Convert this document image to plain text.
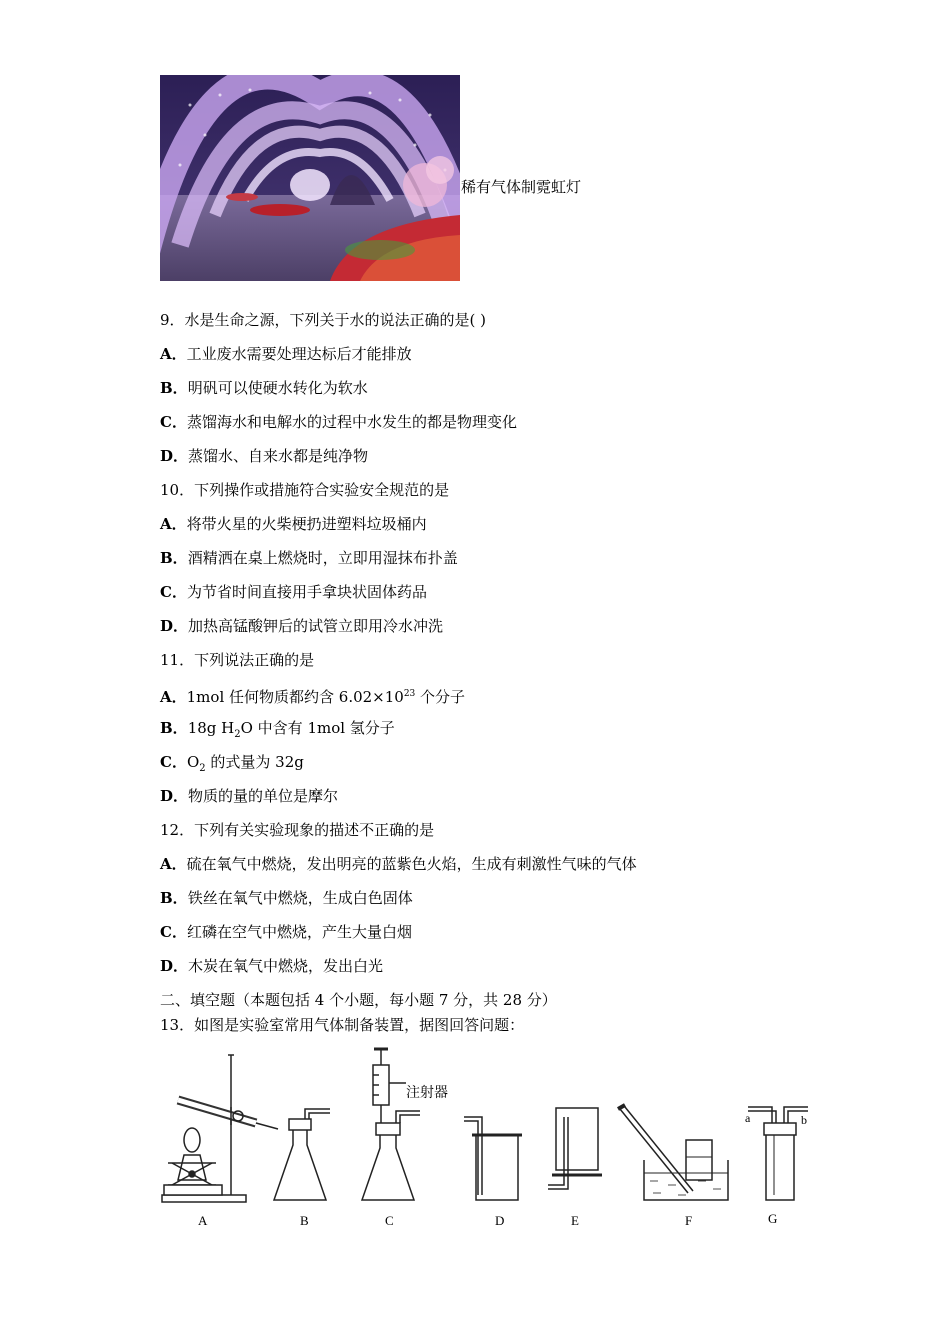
稀有气体制霓虹灯
9．水是生命之源，下列关于水的说法正确的是( )
A．工业废水需要处理达标后才能排放
B．明矾可以使硬水转化为软水
C．蒸馏海水和电解水的过程中水发生的都是物理变化
D．蒸馏水、自来水都是纯净物
10．下列操作或措施符合实验安全规范的是
A．将带火星的火柴梗扔进塑料垃圾桶内
B．酒精洒在桌上燃烧时，立即用湿抹布扑盖
C．为节省时间直接用手拿块状固体药品
D．加热高锰酸钾后的试管立即用冷水冲洗
11．下列说法正确的是
A．1mol 任何物质都约含 $6.02\times 10^{23}$ 个分子
B．18g $H_2O$ 中含有 1mol 氢分子
C．$O_2$ 的式量为 32g
D．物质的量的单位是摩尔
12．下列有关实验现象的描述不正确的是
A．硫在氧气中燃烧，发出明亮的蓝紫色火焰，生成有刺激性气味的气体
B．铁丝在氧气中燃烧，生成白色固体
C．红磷在空气中燃烧，产生大量白烟
D．木炭在氧气中燃烧，发出白光
二、填空题（本题包括 4 个小题，每小题 7 分，共 28 分）
13．如图是实验室常用气体制备装置，据图回答问题：
注射器
a	b
A	B	C	D	E	F	G
